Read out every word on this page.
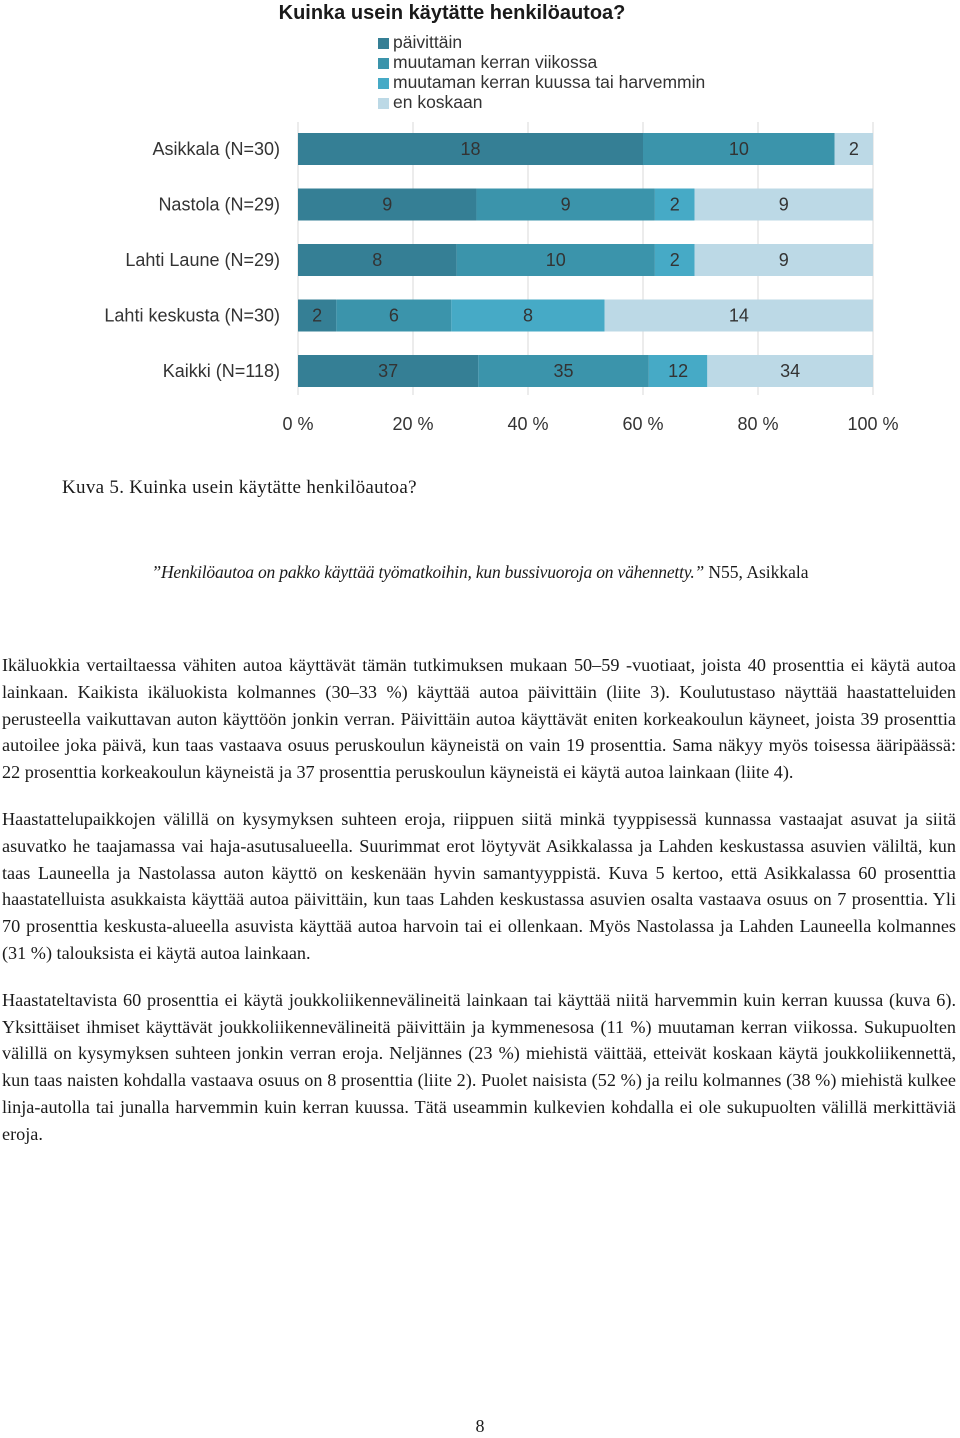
Kuinka usein käytätte henkilöautoa?
päivittäin
muutaman kerran viikossa
muutaman kerran kuussa tai harvemmin
en koskaan
Asikkala (N=30)
Nastola (N=29)
Lahti Laune (N=29)
Lahti keskusta (N=30)
Kaikki (N=118)
18	10	2
9	9	2	9
8	10	2	9
2	6	8	14
37	35	12	34
0 %	20 %	40 %	60 %	80 %	100 %
Kuva 5. Kuinka usein käytätte henkilöautoa?
”Henkilöautoa on pakko käyttää työmatkoihin, kun bussivuoroja on vähennetty.” N55, Asikkala

Ikäluokkia vertailtaessa vähiten autoa käyttävät tämän tutkimuksen mukaan 50–59 -vuotiaat, joista 40 prosenttia ei käytä autoa lainkaan. Kaikista ikäluokista kolmannes (30–33 %) käyttää autoa päivittäin (liite 3). Koulutustaso näyttää haastatteluiden perusteella vaikuttavan auton käyttöön jonkin verran. Päivittäin autoa käyttävät eniten korkeakoulun käyneet, joista 39 prosenttia autoilee joka päivä, kun taas vastaava osuus peruskoulun käyneistä on vain 19 prosenttia. Sama näkyy myös toisessa ääripäässä: 22 prosenttia korkeakoulun käyneistä ja 37 prosenttia peruskoulun käyneistä ei käytä autoa lainkaan (liite 4).

Haastattelupaikkojen välillä on kysymyksen suhteen eroja, riippuen siitä minkä tyyppisessä kunnassa vastaajat asuvat ja siitä asuvatko he taajamassa vai haja-asutusalueella. Suurimmat erot löytyvät Asikkalassa ja Lahden keskustassa asuvien väliltä, kun taas Launeella ja Nastolassa auton käyttö on keskenään hyvin samantyyppistä. Kuva 5 kertoo, että Asikkalassa 60 prosenttia haastatelluista asukkaista käyttää autoa päivittäin, kun taas Lahden keskustassa asuvien osalta vastaava osuus on 7 prosenttia. Yli 70 prosenttia keskusta-alueella asuvista käyttää autoa harvoin tai ei ollenkaan. Myös Nastolassa ja Lahden Launeella kolmannes (31 %) talouksista ei käytä autoa lainkaan.

Haastateltavista 60 prosenttia ei käytä joukkoliikennevälineitä lainkaan tai käyttää niitä harvemmin kuin kerran kuussa (kuva 6). Yksittäiset ihmiset käyttävät joukkoliikennevälineitä päivittäin ja kymmenesosa (11 %) muutaman kerran viikossa. Sukupuolten välillä on kysymyksen suhteen jonkin verran eroja. Neljännes (23 %) miehistä väittää, etteivät koskaan käytä joukkoliikennettä, kun taas naisten kohdalla vastaava osuus on 8 prosenttia (liite 2). Puolet naisista (52 %) ja reilu kolmannes (38 %) miehistä kulkee linja-autolla tai junalla harvemmin kuin kerran kuussa. Tätä useammin kulkevien kohdalla ei ole sukupuolten välillä merkittäviä eroja.

8
